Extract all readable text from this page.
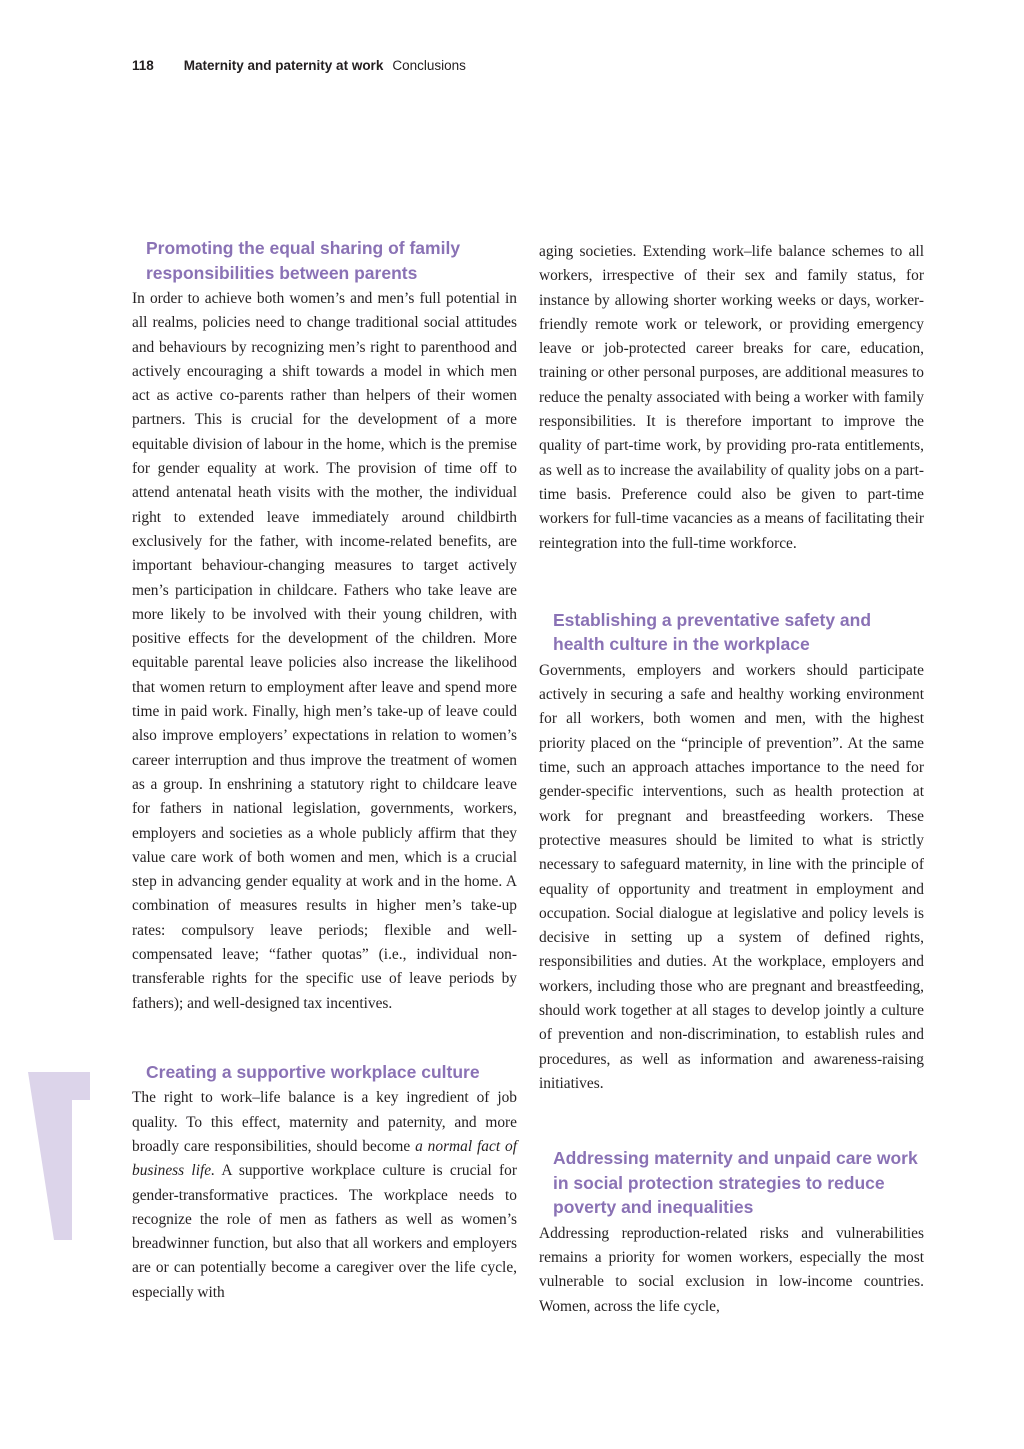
118 Maternity and paternity at work Conclusions
Promoting the equal sharing of family responsibilities between parents

In order to achieve both women’s and men’s full potential in all realms, policies need to change traditional social attitudes and behaviours by recognizing men’s right to parenthood and actively encouraging a shift towards a model in which men act as active co-parents rather than helpers of their women partners. This is crucial for the development of a more equitable division of labour in the home, which is the premise for gender equality at work. The provision of time off to attend antenatal heath visits with the mother, the individual right to extended leave immediately around childbirth exclusively for the father, with income-related benefits, are important behaviour-changing measures to target actively men’s participation in childcare. Fathers who take leave are more likely to be involved with their young children, with positive effects for the development of the children. More equitable parental leave policies also increase the likelihood that women return to employment after leave and spend more time in paid work. Finally, high men’s take-up of leave could also improve employers’ expectations in relation to women’s career interruption and thus improve the treatment of women as a group. In enshrining a statutory right to childcare leave for fathers in national legislation, governments, workers, employers and societies as a whole publicly affirm that they value care work of both women and men, which is a crucial step in advancing gender equality at work and in the home. A combination of measures results in higher men’s take-up rates: compulsory leave periods; flexible and well-compensated leave; “father quotas” (i.e., individual non-transferable rights for the specific use of leave periods by fathers); and well-designed tax incentives.

Creating a supportive workplace culture

The right to work–life balance is a key ingredient of job quality. To this effect, maternity and paternity, and more broadly care responsibilities, should become a normal fact of business life. A supportive workplace culture is crucial for gender-transformative practices. The workplace needs to recognize the role of men as fathers as well as women’s breadwinner function, but also that all workers and employers are or can potentially become a caregiver over the life cycle, especially with

aging societies. Extending work–life balance schemes to all workers, irrespective of their sex and family status, for instance by allowing shorter working weeks or days, worker-friendly remote work or telework, or providing emergency leave or job-protected career breaks for care, education, training or other personal purposes, are additional measures to reduce the penalty associated with being a worker with family responsibilities. It is therefore important to improve the quality of part-time work, by providing pro-rata entitlements, as well as to increase the availability of quality jobs on a part-time basis. Preference could also be given to part-time workers for full-time vacancies as a means of facilitating their reintegration into the full-time workforce.

Establishing a preventative safety and health culture in the workplace

Governments, employers and workers should participate actively in securing a safe and healthy working environment for all workers, both women and men, with the highest priority placed on the “principle of prevention”. At the same time, such an approach attaches importance to the need for gender-specific interventions, such as health protection at work for pregnant and breastfeeding workers. These protective measures should be limited to what is strictly necessary to safeguard maternity, in line with the principle of equality of opportunity and treatment in employment and occupation. Social dialogue at legislative and policy levels is decisive in setting up a system of defined rights, responsibilities and duties. At the workplace, employers and workers, including those who are pregnant and breastfeeding, should work together at all stages to develop jointly a culture of prevention and non-discrimination, to establish rules and procedures, as well as information and awareness-raising initiatives.

Addressing maternity and unpaid care work in social protection strategies to reduce poverty and inequalities

Addressing reproduction-related risks and vulnerabilities remains a priority for women workers, especially the most vulnerable to social exclusion in low-income countries. Women, across the life cycle,
